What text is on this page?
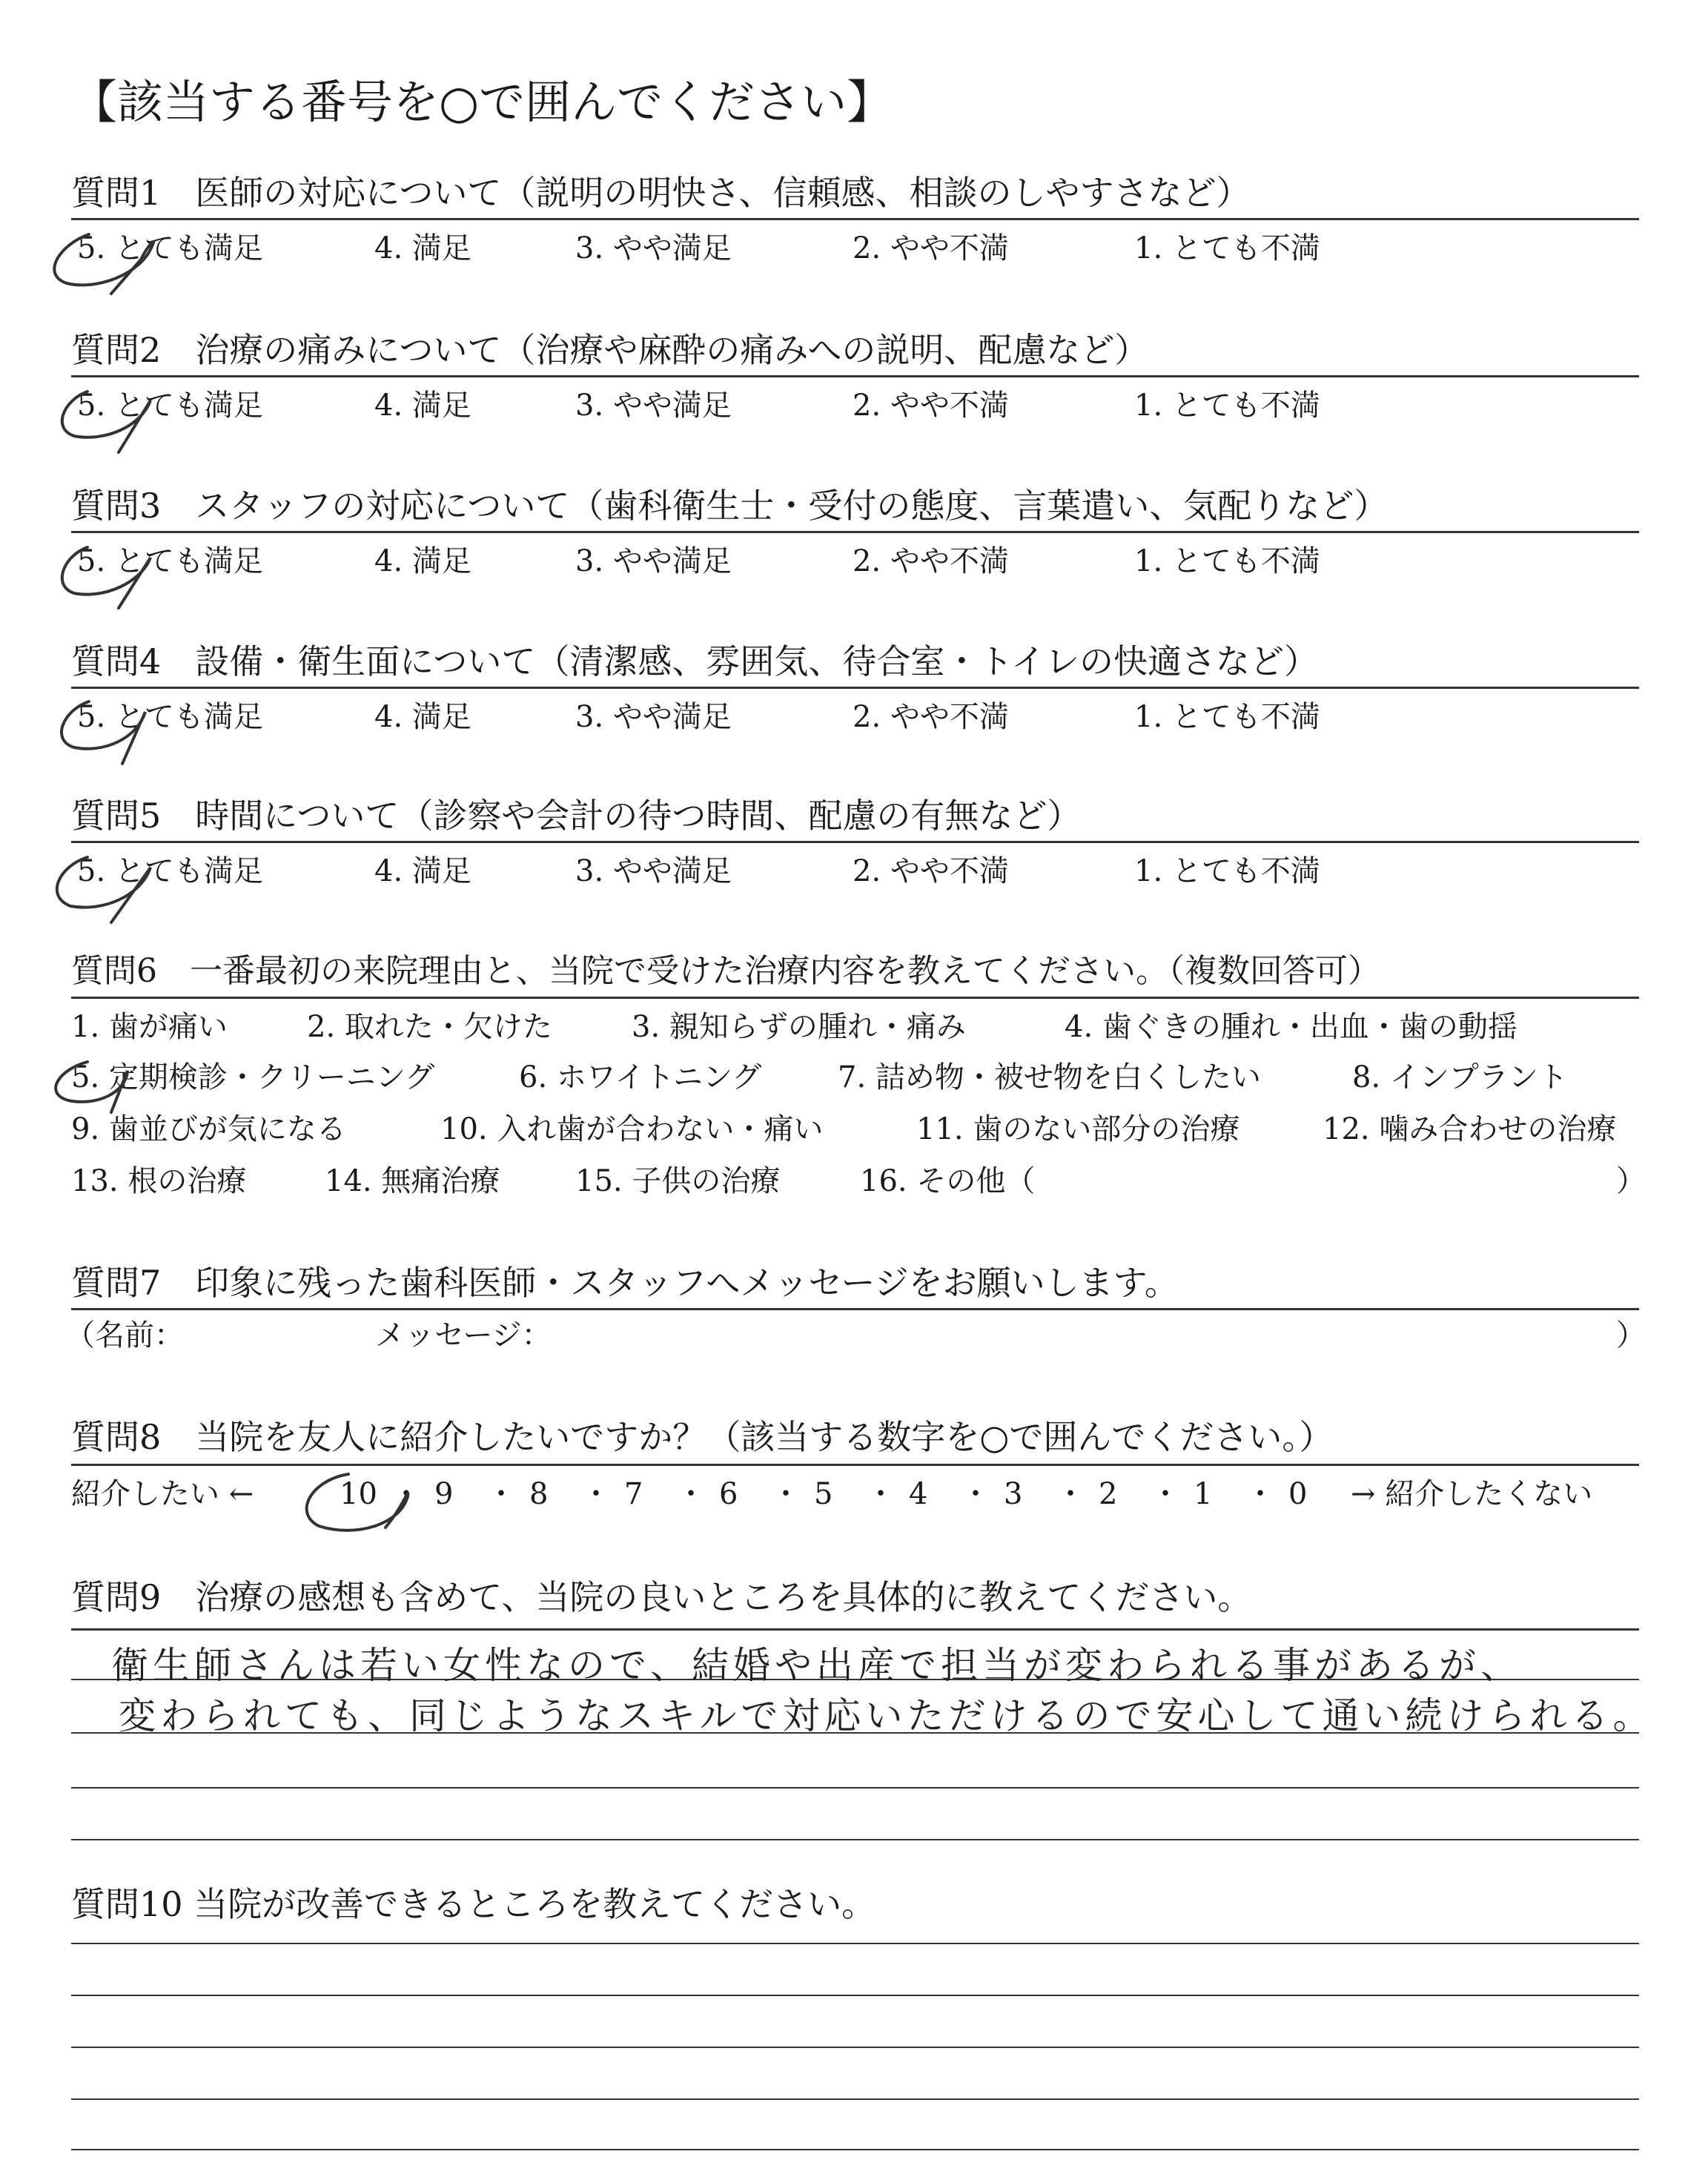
【該当する番号を○で囲んでください】
質問1　医師の対応について（説明の明快さ、信頼感、相談のしやすさなど）
5. とても満足	4. 満足	3. やや満足	2. やや不満	1. とても不満
質問2　治療の痛みについて（治療や麻酔の痛みへの説明、配慮など）
5. とても満足	4. 満足	3. やや満足	2. やや不満	1. とても不満
質問3　スタッフの対応について（歯科衛生士・受付の態度、言葉遣い、気配りなど）
5. とても満足	4. 満足	3. やや満足	2. やや不満	1. とても不満
質問4　設備・衛生面について（清潔感、雰囲気、待合室・トイレの快適さなど）
5. とても満足	4. 満足	3. やや満足	2. やや不満	1. とても不満
質問5　時間について（診察や会計の待つ時間、配慮の有無など）
5. とても満足	4. 満足	3. やや満足	2. やや不満	1. とても不満
質問6　一番最初の来院理由と、当院で受けた治療内容を教えてください。（複数回答可）
1. 歯が痛い	2. 取れた・欠けた	3. 親知らずの腫れ・痛み	4. 歯ぐきの腫れ・出血・歯の動揺
5. 定期検診・クリーニング	6. ホワイトニング	7. 詰め物・被せ物を白くしたい	8. インプラント
9. 歯並びが気になる	10. 入れ歯が合わない・痛い	11. 歯のない部分の治療	12. 噛み合わせの治療
13. 根の治療	14. 無痛治療	15. 子供の治療	16. その他（	）
質問7　印象に残った歯科医師・スタッフへメッセージをお願いします。
（名前：	メッセージ：	）
質問8　当院を友人に紹介したいですか？（該当する数字を○で囲んでください。）
紹介したい ←	10 ・ 9 ・ 8 ・ 7 ・ 6 ・ 5 ・ 4 ・ 3 ・ 2 ・ 1 ・ 0 → 紹介したくない
質問9　治療の感想も含めて、当院の良いところを具体的に教えてください。
衛生師さんは若い女性なので、結婚や出産で担当が変わられる事があるが、
変わられても、同じようなスキルで対応いただけるので安心して通い続けられる。
質問10 当院が改善できるところを教えてください。
